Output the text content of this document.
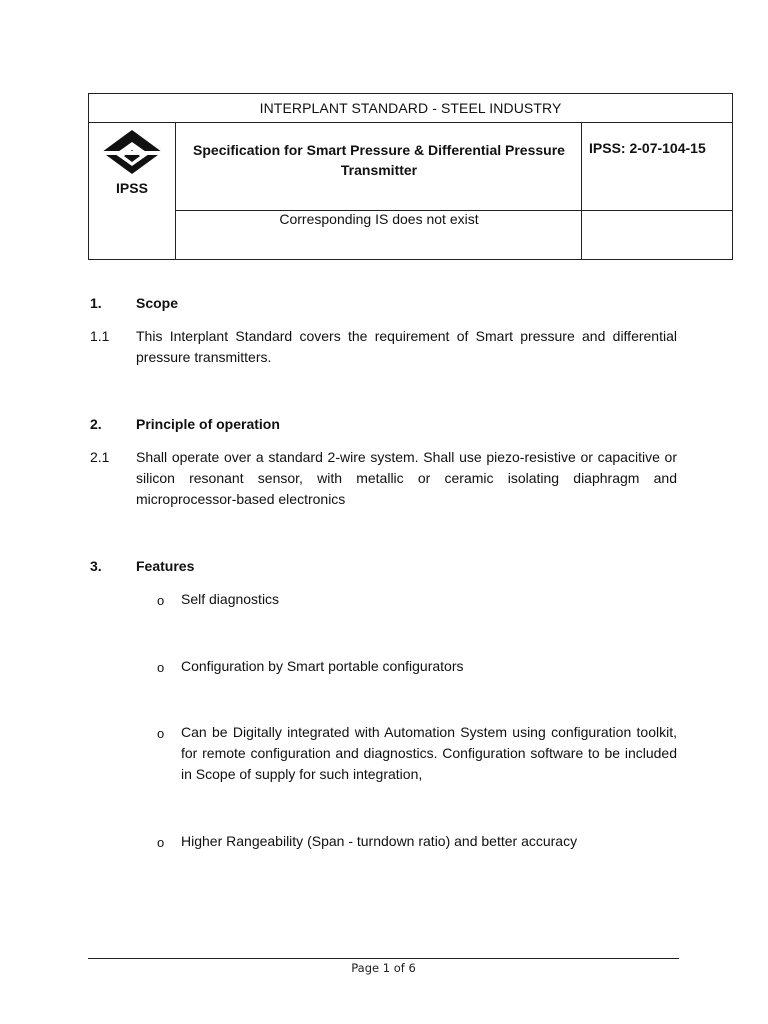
INTERPLANT STANDARD - STEEL INDUSTRY
IPSS
Specification for Smart Pressure & Differential Pressure Transmitter
IPSS: 2-07-104-15
Corresponding IS does not exist
1. Scope
1.1 This Interplant Standard covers the requirement of Smart pressure and differential pressure transmitters.
2. Principle of operation
2.1 Shall operate over a standard 2-wire system. Shall use piezo-resistive or capacitive or silicon resonant sensor, with metallic or ceramic isolating diaphragm and microprocessor-based electronics
3. Features
o Self diagnostics
o Configuration by Smart portable configurators
o Can be Digitally integrated with Automation System using configuration toolkit, for remote configuration and diagnostics. Configuration software to be included in Scope of supply for such integration,
o Higher Rangeability (Span - turndown ratio) and better accuracy
Page 1 of 6
